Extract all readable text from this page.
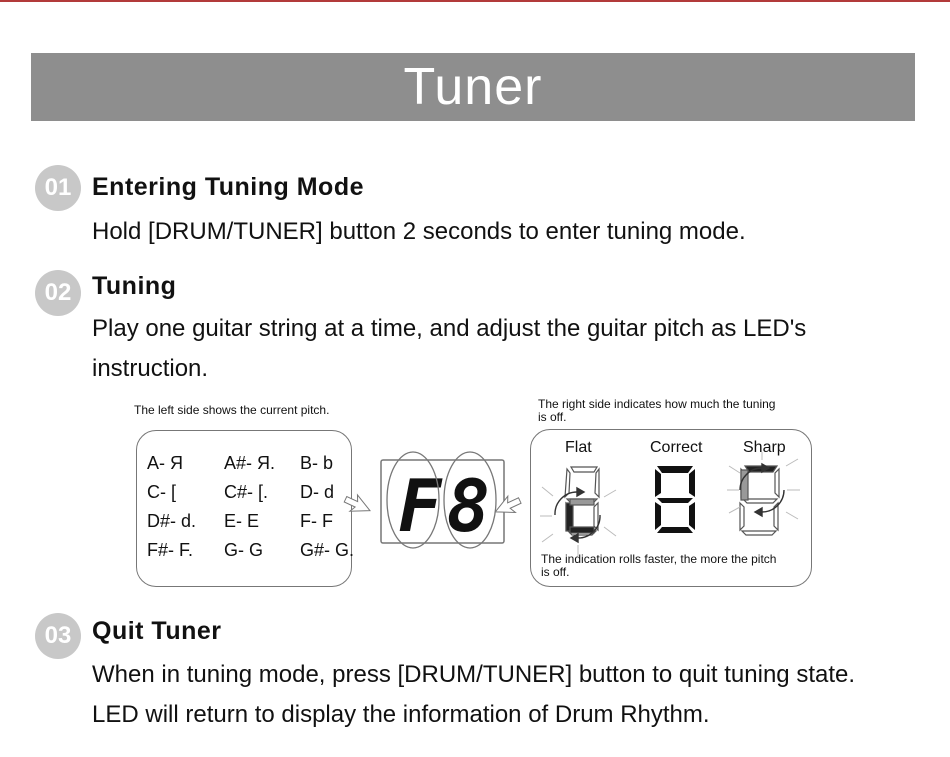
Tuner
01 Entering Tuning Mode
Hold [DRUM/TUNER] button 2 seconds to enter tuning mode.
02 Tuning
Play one guitar string at a time, and adjust the guitar pitch as LED's
instruction.
The left side shows the current pitch.	The right side indicates how much the tuning
is off.
A- Я	A#- Я.	B- b
C- [	C#- [.	D- d
D#- d.	E- E	F- F
F#- F.	G- G	G#- G.
Flat	Correct	Sharp
The indication rolls faster, the more the pitch
is off.
F8
03 Quit Tuner
When in tuning mode, press [DRUM/TUNER] button to quit tuning state.
LED will return to display the information of Drum Rhythm.
